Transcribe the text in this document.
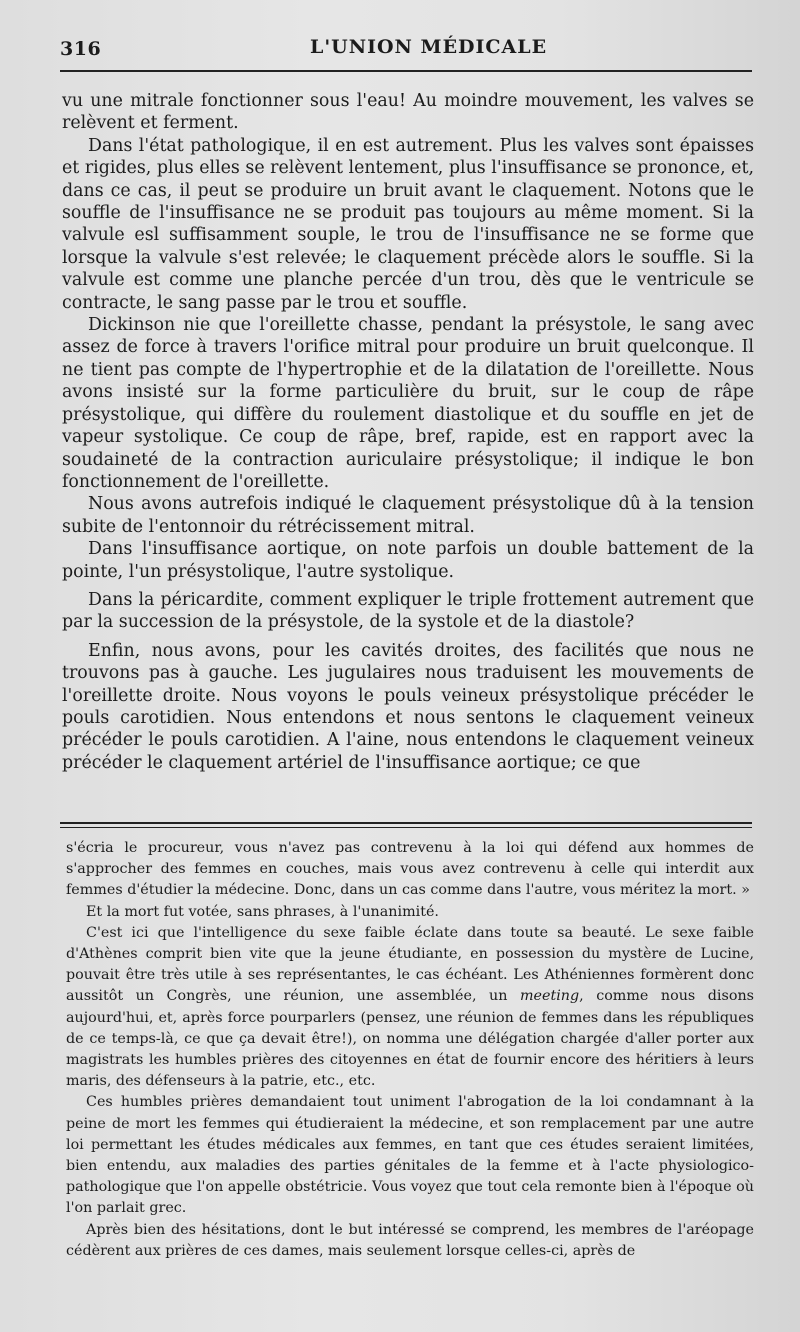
316	L'UNION MÉDICALE

vu une mitrale fonctionner sous l'eau! Au moindre mouvement, les valves se relèvent et ferment.

Dans l'état pathologique, il en est autrement. Plus les valves sont épaisses et rigides, plus elles se relèvent lentement, plus l'insuffisance se prononce, et, dans ce cas, il peut se produire un bruit avant le claquement. Notons que le souffle de l'insuffisance ne se produit pas toujours au même moment. Si la valvule esl suffisamment souple, le trou de l'insuffisance ne se forme que lorsque la valvule s'est relevée; le claquement précède alors le souffle. Si la valvule est comme une planche percée d'un trou, dès que le ventricule se contracte, le sang passe par le trou et souffle.

Dickinson nie que l'oreillette chasse, pendant la présystole, le sang avec assez de force à travers l'orifice mitral pour produire un bruit quelconque. Il ne tient pas compte de l'hypertrophie et de la dilatation de l'oreillette. Nous avons insisté sur la forme particulière du bruit, sur le coup de râpe présystolique, qui diffère du roulement diastolique et du souffle en jet de vapeur systolique. Ce coup de râpe, bref, rapide, est en rapport avec la soudaineté de la contraction auriculaire présystolique; il indique le bon fonctionnement de l'oreillette.

Nous avons autrefois indiqué le claquement présystolique dû à la tension subite de l'entonnoir du rétrécissement mitral.

Dans l'insuffisance aortique, on note parfois un double battement de la pointe, l'un présystolique, l'autre systolique.

Dans la péricardite, comment expliquer le triple frottement autrement que par la succession de la présystole, de la systole et de la diastole?

Enfin, nous avons, pour les cavités droites, des facilités que nous ne trouvons pas à gauche. Les jugulaires nous traduisent les mouvements de l'oreillette droite. Nous voyons le pouls veineux présystolique précéder le pouls carotidien. Nous entendons et nous sentons le claquement veineux précéder le pouls carotidien. A l'aine, nous entendons le claquement veineux précéder le claquement artériel de l'insuffisance aortique; ce que

s'écria le procureur, vous n'avez pas contrevenu à la loi qui défend aux hommes de s'approcher des femmes en couches, mais vous avez contrevenu à celle qui interdit aux femmes d'étudier la médecine. Donc, dans un cas comme dans l'autre, vous méritez la mort. »

Et la mort fut votée, sans phrases, à l'unanimité.

C'est ici que l'intelligence du sexe faible éclate dans toute sa beauté. Le sexe faible d'Athènes comprit bien vite que la jeune étudiante, en possession du mystère de Lucine, pouvait être très utile à ses représentantes, le cas échéant. Les Athéniennes formèrent donc aussitôt un Congrès, une réunion, une assemblée, un meeting, comme nous disons aujourd'hui, et, après force pourparlers (pensez, une réunion de femmes dans les républiques de ce temps-là, ce que ça devait être!), on nomma une délégation chargée d'aller porter aux magistrats les humbles prières des citoyennes en état de fournir encore des héritiers à leurs maris, des défenseurs à la patrie, etc., etc.

Ces humbles prières demandaient tout uniment l'abrogation de la loi condamnant à la peine de mort les femmes qui étudieraient la médecine, et son remplacement par une autre loi permettant les études médicales aux femmes, en tant que ces études seraient limitées, bien entendu, aux maladies des parties génitales de la femme et à l'acte physiologico-pathologique que l'on appelle obstétricie. Vous voyez que tout cela remonte bien à l'époque où l'on parlait grec.

Après bien des hésitations, dont le but intéressé se comprend, les membres de l'aréopage cédèrent aux prières de ces dames, mais seulement lorsque celles-ci, après de
